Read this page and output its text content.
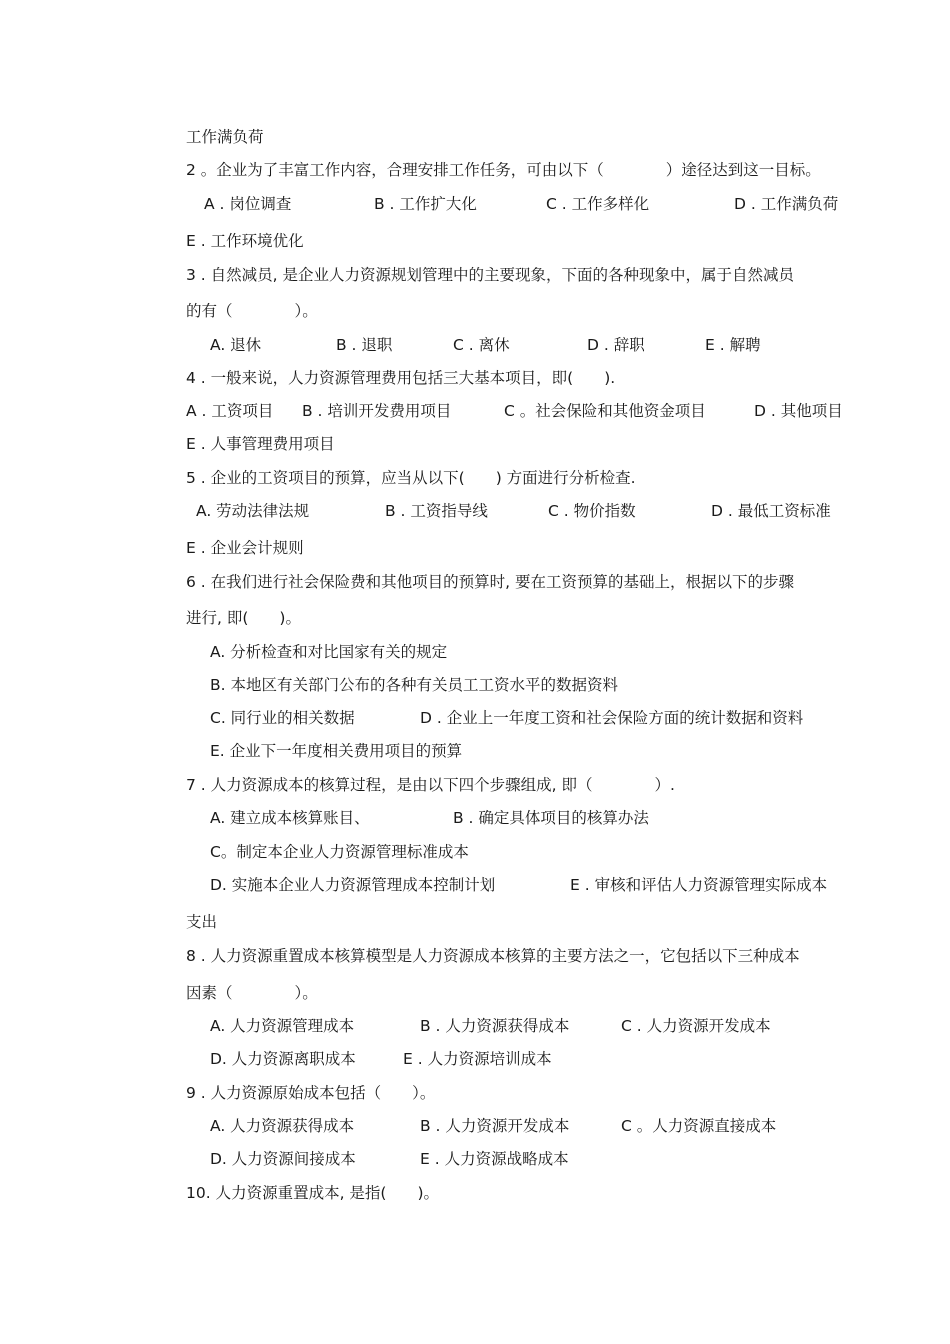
工作满负荷
2 。企业为了丰富工作内容，合理安排工作任务，可由以下（　　　　）途径达到这一目标。
A . 岗位调查	B . 工作扩大化	C . 工作多样化	D . 工作满负荷
E . 工作环境优化
3 . 自然减员, 是企业人力资源规划管理中的主要现象，下面的各种现象中，属于自然减员
的有（　　　　）。
A. 退休	B . 退职	C . 离休	D . 辞职	E . 解聘
4 . 一般来说，人力资源管理费用包括三大基本项目，即(　　).
A . 工资项目 B . 培训开发费用项目	C 。社会保险和其他资金项目	D . 其他项目
E . 人事管理费用项目
5 . 企业的工资项目的预算，应当从以下(　　) 方面进行分析检查.
A. 劳动法律法规	B . 工资指导线	C . 物价指数	D . 最低工资标准
E . 企业会计规则
6 . 在我们进行社会保险费和其他项目的预算时, 要在工资预算的基础上，根据以下的步骤
进行, 即(　　)。
A. 分析检查和对比国家有关的规定
B. 本地区有关部门公布的各种有关员工工资水平的数据资料
C. 同行业的相关数据	D . 企业上一年度工资和社会保险方面的统计数据和资料
E. 企业下一年度相关费用项目的预算
7 . 人力资源成本的核算过程，是由以下四个步骤组成, 即（　　　　）.
A. 建立成本核算账目、	B . 确定具体项目的核算办法
C。制定本企业人力资源管理标准成本
D. 实施本企业人力资源管理成本控制计划	E . 审核和评估人力资源管理实际成本
支出
8 . 人力资源重置成本核算模型是人力资源成本核算的主要方法之一，它包括以下三种成本
因素（　　　　）。
A. 人力资源管理成本	B . 人力资源获得成本	C . 人力资源开发成本
D. 人力资源离职成本	E . 人力资源培训成本
9 . 人力资源原始成本包括（　　）。
A. 人力资源获得成本	B . 人力资源开发成本	C 。人力资源直接成本
D. 人力资源间接成本	E . 人力资源战略成本
10. 人力资源重置成本, 是指(　　)。
